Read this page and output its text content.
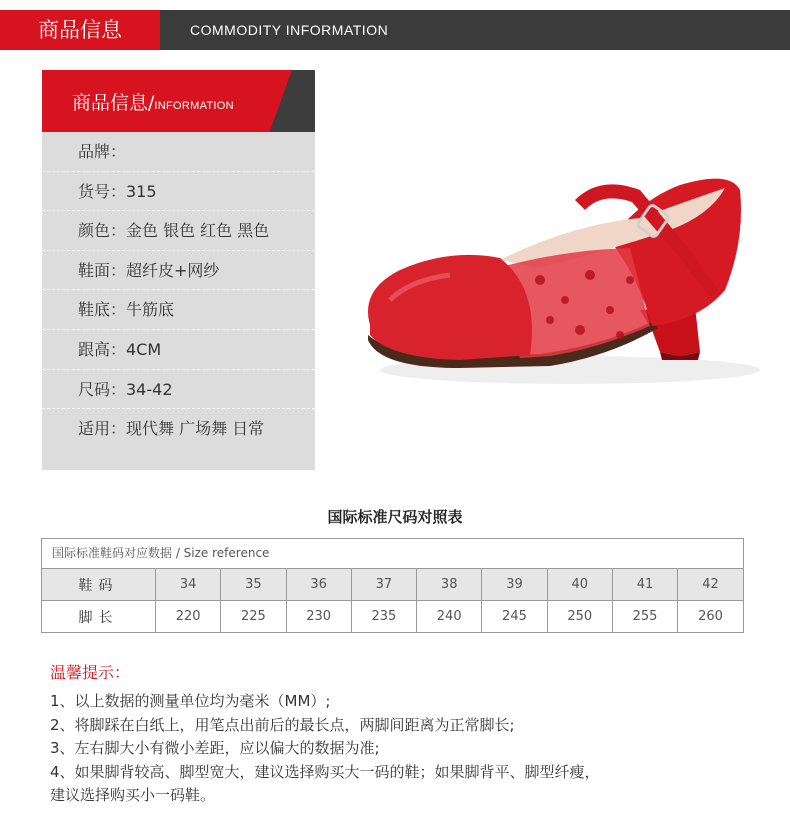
商品信息	COMMODITY INFORMATION
商品信息/INFORMATION
品牌：
货号：315
颜色：金色 银色 红色 黑色
鞋面：超纤皮+网纱
鞋底：牛筋底
跟高：4CM
尺码：34-42
适用：现代舞 广场舞 日常
国际标准尺码对照表
国际标准鞋码对应数据 / Size reference
鞋码	34	35	36	37	38	39	40	41	42
脚长	220	225	230	235	240	245	250	255	260
温馨提示：
1、以上数据的测量单位均为毫米（MM）;
2、将脚踩在白纸上，用笔点出前后的最长点，两脚间距离为正常脚长;
3、左右脚大小有微小差距，应以偏大的数据为准;
4、如果脚背较高、脚型宽大，建议选择购买大一码的鞋；如果脚背平、脚型纤瘦，
建议选择购买小一码鞋。
